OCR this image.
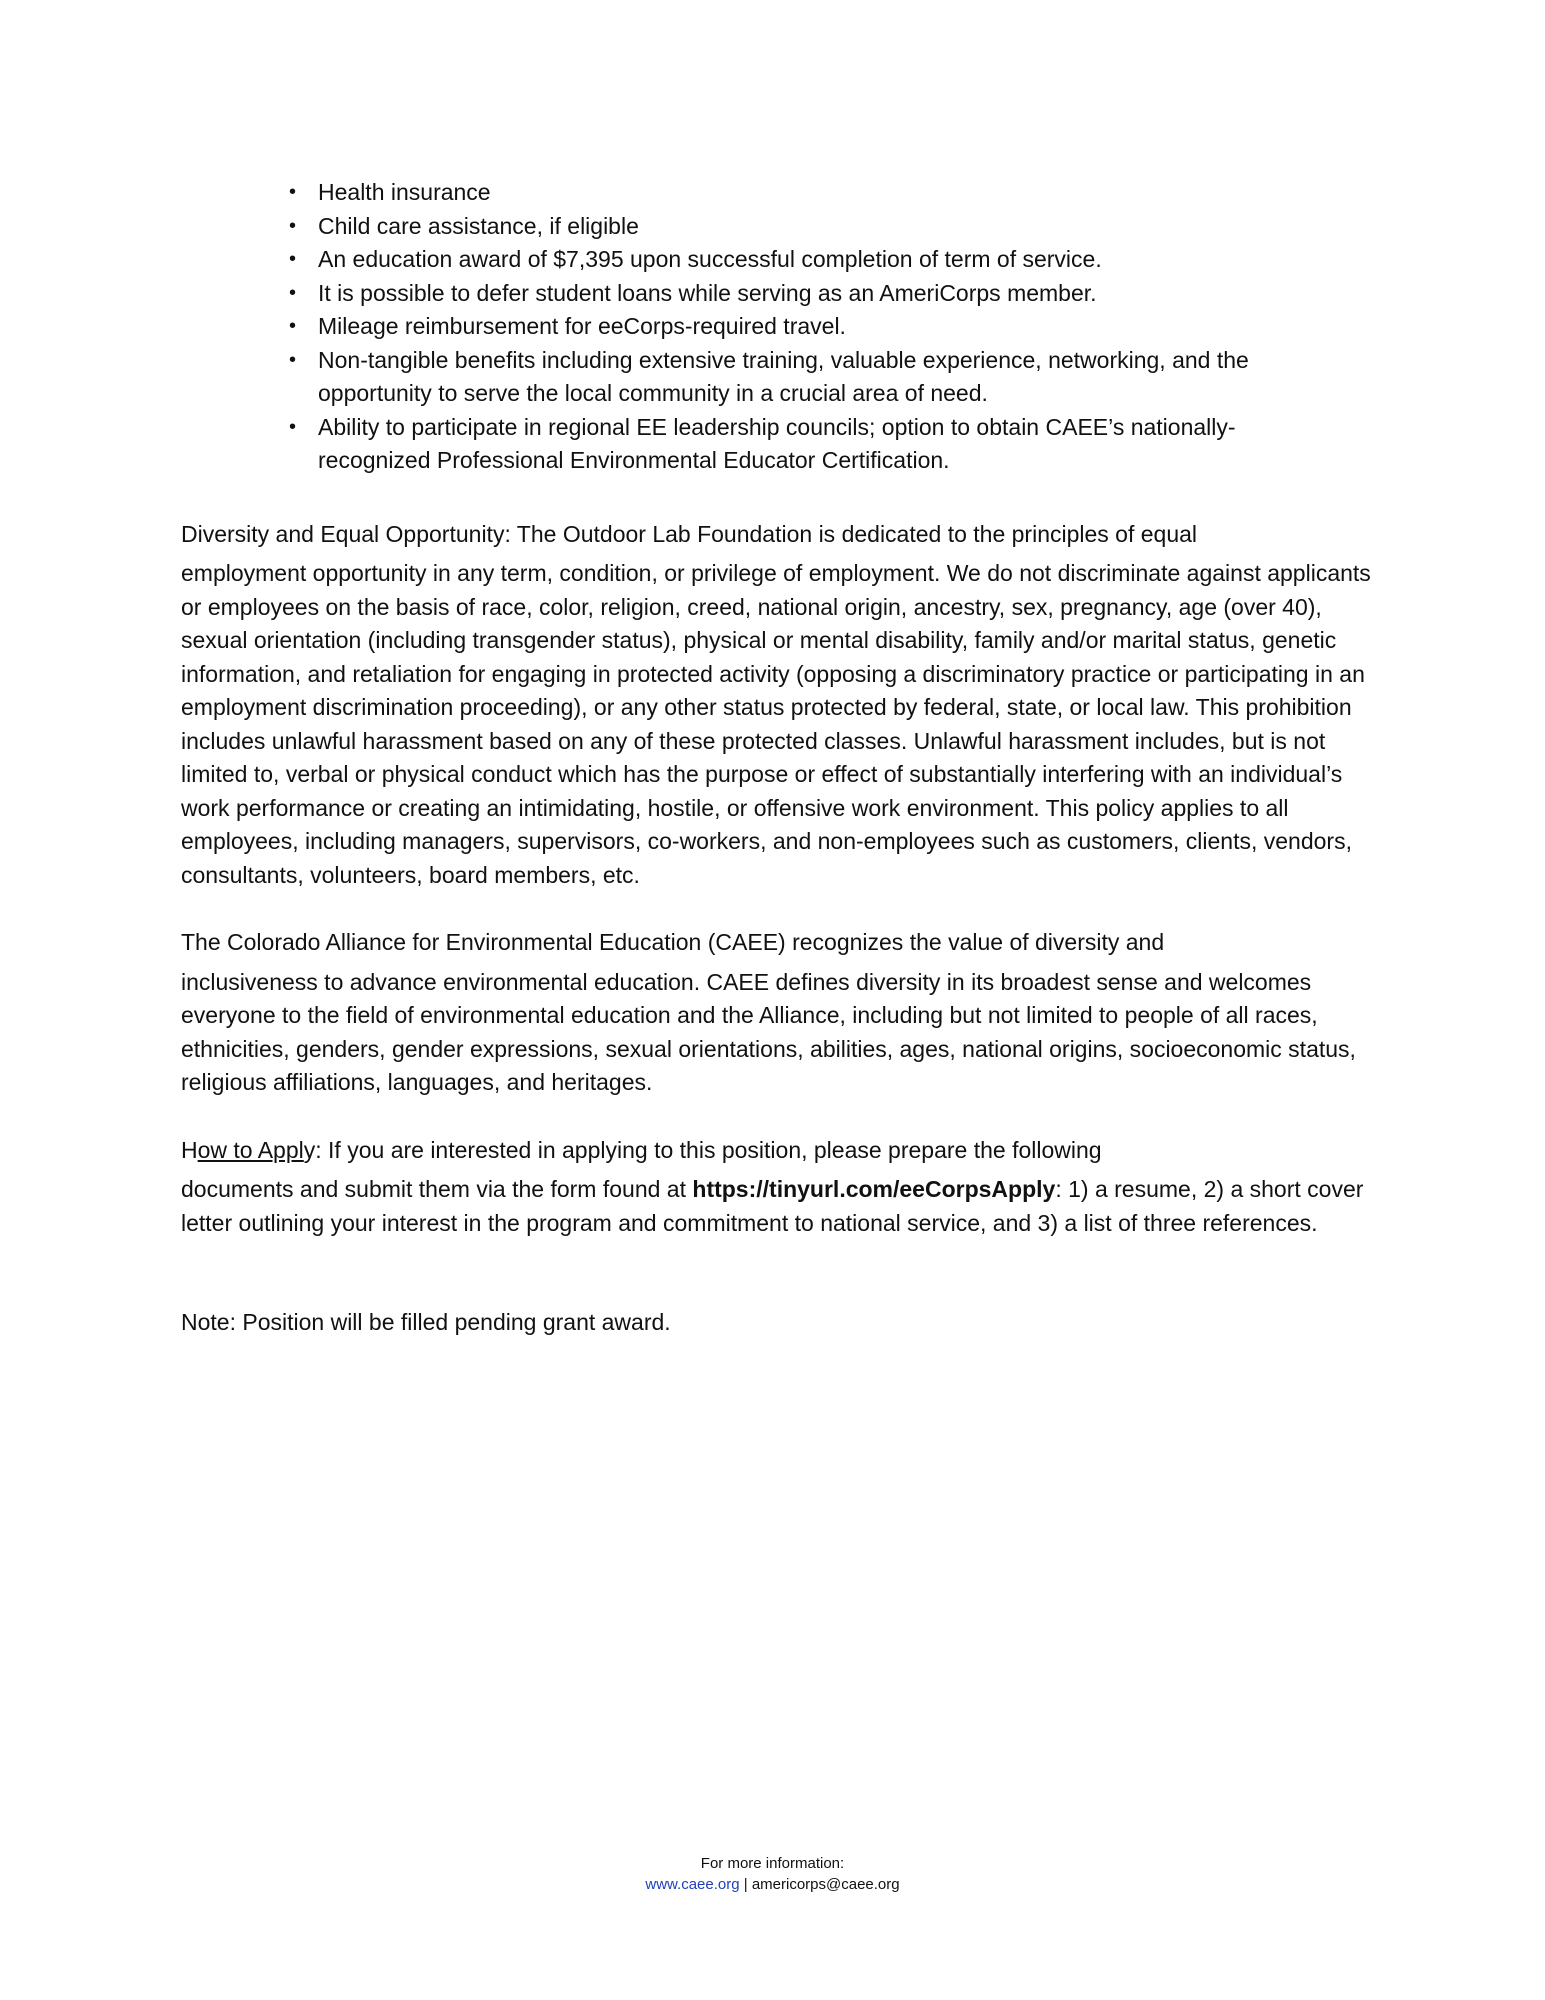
• Health insurance
• Child care assistance, if eligible
• An education award of $7,395 upon successful completion of term of service.
• It is possible to defer student loans while serving as an AmeriCorps member.
• Mileage reimbursement for eeCorps-required travel.
• Non-tangible benefits including extensive training, valuable experience, networking, and the opportunity to serve the local community in a crucial area of need.
• Ability to participate in regional EE leadership councils; option to obtain CAEE’s nationally-recognized Professional Environmental Educator Certification.

Diversity and Equal Opportunity: The Outdoor Lab Foundation is dedicated to the principles of equal
employment opportunity in any term, condition, or privilege of employment. We do not discriminate against applicants or employees on the basis of race, color, religion, creed, national origin, ancestry, sex, pregnancy, age (over 40), sexual orientation (including transgender status), physical or mental disability, family and/or marital status, genetic information, and retaliation for engaging in protected activity (opposing a discriminatory practice or participating in an employment discrimination proceeding), or any other status protected by federal, state, or local law. This prohibition includes unlawful harassment based on any of these protected classes. Unlawful harassment includes, but is not limited to, verbal or physical conduct which has the purpose or effect of substantially interfering with an individual’s work performance or creating an intimidating, hostile, or offensive work environment. This policy applies to all employees, including managers, supervisors, co-workers, and non-employees such as customers, clients, vendors, consultants, volunteers, board members, etc.

The Colorado Alliance for Environmental Education (CAEE) recognizes the value of diversity and
inclusiveness to advance environmental education. CAEE defines diversity in its broadest sense and welcomes everyone to the field of environmental education and the Alliance, including but not limited to people of all races, ethnicities, genders, gender expressions, sexual orientations, abilities, ages, national origins, socioeconomic status, religious affiliations, languages, and heritages.

How to Apply: If you are interested in applying to this position, please prepare the following
documents and submit them via the form found at https://tinyurl.com/eeCorpsApply: 1) a resume, 2) a short cover letter outlining your interest in the program and commitment to national service, and 3) a list of three references.

Note: Position will be filled pending grant award.

For more information:
www.caee.org | americorps@caee.org
